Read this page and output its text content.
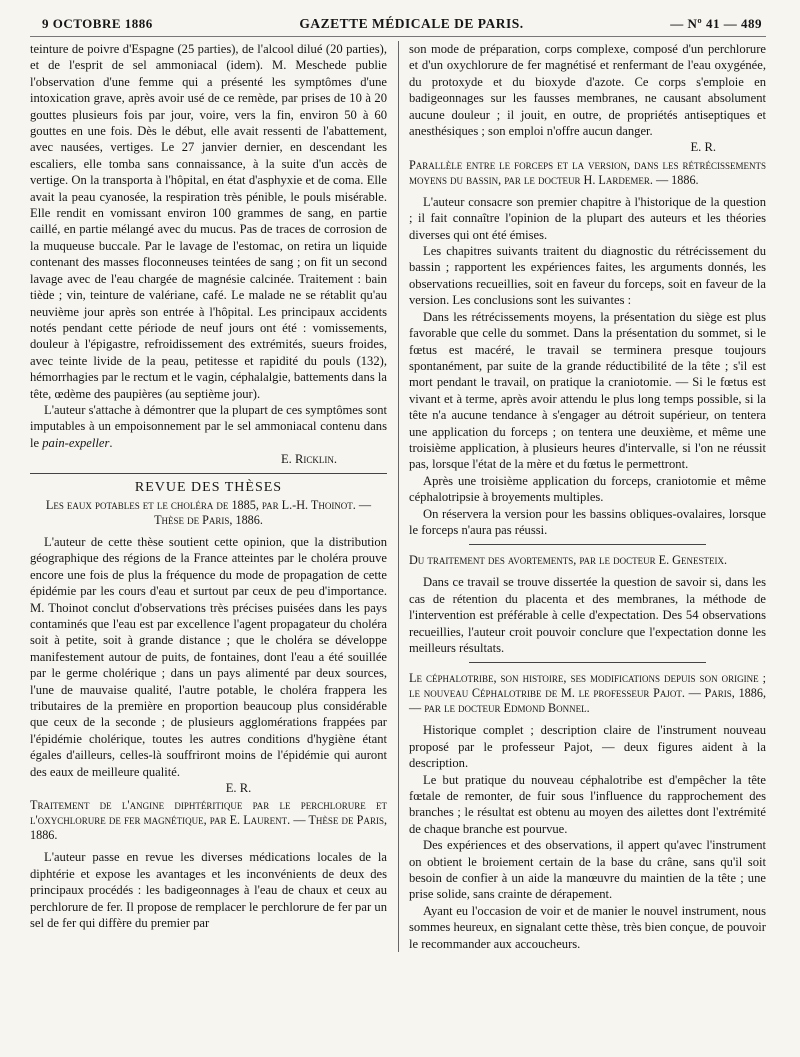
9 OCTOBRE 1886	GAZETTE MÉDICALE DE PARIS.	— Nº 41 — 489

teinture de poivre d'Espagne (25 parties), de l'alcool dilué (20 parties), et de l'esprit de sel ammoniacal (idem). M. Meschede publie l'observation d'une femme qui a présenté les symptômes d'une intoxication grave, après avoir usé de ce remède, par prises de 10 à 20 gouttes plusieurs fois par jour, voire, vers la fin, environ 50 à 60 gouttes en une fois. Dès le début, elle avait ressenti de l'abattement, avec nausées, vertiges. Le 27 janvier dernier, en descendant les escaliers, elle tomba sans connaissance, à la suite d'un accès de vertige. On la transporta à l'hôpital, en état d'asphyxie et de coma. Elle avait la peau cyanosée, la respiration très pénible, le pouls misérable. Elle rendit en vomissant environ 100 grammes de sang, en partie caillé, en partie mélangé avec du mucus. Pas de traces de corrosion de la muqueuse buccale. Par le lavage de l'estomac, on retira un liquide contenant des masses floconneuses teintées de sang ; on fit un second lavage avec de l'eau chargée de magnésie calcinée. Traitement : bain tiède ; vin, teinture de valériane, café. Le malade ne se rétablit qu'au neuvième jour après son entrée à l'hôpital. Les principaux accidents notés pendant cette période de neuf jours ont été : vomissements, douleur à l'épigastre, refroidissement des extrémités, sueurs froides, avec teinte livide de la peau, petitesse et rapidité du pouls (132), hémorrhagies par le rectum et le vagin, céphalalgie, battements dans la tête, œdème des paupières (au septième jour).

L'auteur s'attache à démontrer que la plupart de ces symptômes sont imputables à un empoisonnement par le sel ammoniacal contenu dans le pain-expeller.

E. Ricklin.

REVUE DES THÈSES

Les eaux potables et le choléra de 1885, par L.-H. Thoinot. — Thèse de Paris, 1886.

L'auteur de cette thèse soutient cette opinion, que la distribution géographique des régions de la France atteintes par le choléra prouve encore une fois de plus la fréquence du mode de propagation de cette épidémie par les cours d'eau et surtout par ceux de peu d'importance. M. Thoinot conclut d'observations très précises puisées dans les pays contaminés que l'eau est par excellence l'agent propagateur du choléra soit à petite, soit à grande distance ; que le choléra se développe manifestement autour de puits, de fontaines, dont l'eau a été souillée par le germe cholérique ; dans un pays alimenté par deux sources, l'une de mauvaise qualité, l'autre potable, le choléra frappera les tributaires de la première en proportion beaucoup plus considérable que ceux de la seconde ; de plusieurs agglomérations frappées par l'épidémie cholérique, toutes les autres conditions d'hygiène étant égales d'ailleurs, celles-là souffriront moins de l'épidémie qui auront des eaux de meilleure qualité.

E. R.

Traitement de l'angine diphtéritique par le perchlorure et l'oxychlorure de fer magnétique, par E. Laurent. — Thèse de Paris, 1886.

L'auteur passe en revue les diverses médications locales de la diphtérie et expose les avantages et les inconvénients de deux des principaux procédés : les badigeonnages à l'eau de chaux et ceux au perchlorure de fer. Il propose de remplacer le perchlorure de fer par un sel de fer qui diffère du premier par

son mode de préparation, corps complexe, composé d'un perchlorure et d'un oxychlorure de fer magnétisé et renfermant de l'eau oxygénée, du protoxyde et du bioxyde d'azote. Ce corps s'emploie en badigeonnages sur les fausses membranes, ne causant absolument aucune douleur ; il jouit, en outre, de propriétés antiseptiques et anesthésiques ; son emploi n'offre aucun danger.

E. R.

Parallèle entre le forceps et la version, dans les rétrécissements moyens du bassin, par le docteur H. Lardemer. — 1886.

L'auteur consacre son premier chapitre à l'historique de la question ; il fait connaître l'opinion de la plupart des auteurs et les théories diverses qui ont été émises.

Les chapitres suivants traitent du diagnostic du rétrécissement du bassin ; rapportent les expériences faites, les arguments donnés, les observations recueillies, soit en faveur du forceps, soit en faveur de la version. Les conclusions sont les suivantes :

Dans les rétrécissements moyens, la présentation du siège est plus favorable que celle du sommet. Dans la présentation du sommet, si le fœtus est macéré, le travail se terminera presque toujours spontanément, par suite de la grande réductibilité de la tête ; s'il est mort pendant le travail, on pratique la craniotomie. — Si le fœtus est vivant et à terme, après avoir attendu le plus long temps possible, si la tête n'a aucune tendance à s'engager au détroit supérieur, on tentera une application du forceps ; on tentera une deuxième, et même une troisième application, à plusieurs heures d'intervalle, si l'on ne réussit pas, lorsque l'état de la mère et du fœtus le permettront.

Après une troisième application du forceps, craniotomie et même céphalotripsie à broyements multiples.

On réservera la version pour les bassins obliques-ovalaires, lorsque le forceps n'aura pas réussi.

Du traitement des avortements, par le docteur E. Genesteix.

Dans ce travail se trouve dissertée la question de savoir si, dans les cas de rétention du placenta et des membranes, la méthode de l'intervention est préférable à celle d'expectation. Des 54 observations recueillies, l'auteur croit pouvoir conclure que l'expectation donne les meilleurs résultats.

Le céphalotribe, son histoire, ses modifications depuis son origine ; le nouveau Céphalotribe de M. le professeur Pajot. — Paris, 1886, — par le docteur Edmond Bonnel.

Historique complet ; description claire de l'instrument nouveau proposé par le professeur Pajot, — deux figures aident à la description.

Le but pratique du nouveau céphalotribe est d'empêcher la tête fœtale de remonter, de fuir sous l'influence du rapprochement des branches ; le résultat est obtenu au moyen des ailettes dont l'extrémité de chaque branche est pourvue.

Des expériences et des observations, il appert qu'avec l'instrument on obtient le broiement certain de la base du crâne, sans qu'il soit besoin de confier à un aide la manœuvre du maintien de la tête ; une prise solide, sans crainte de dérapement.

Ayant eu l'occasion de voir et de manier le nouvel instrument, nous sommes heureux, en signalant cette thèse, très bien conçue, de pouvoir le recommander aux accoucheurs.
